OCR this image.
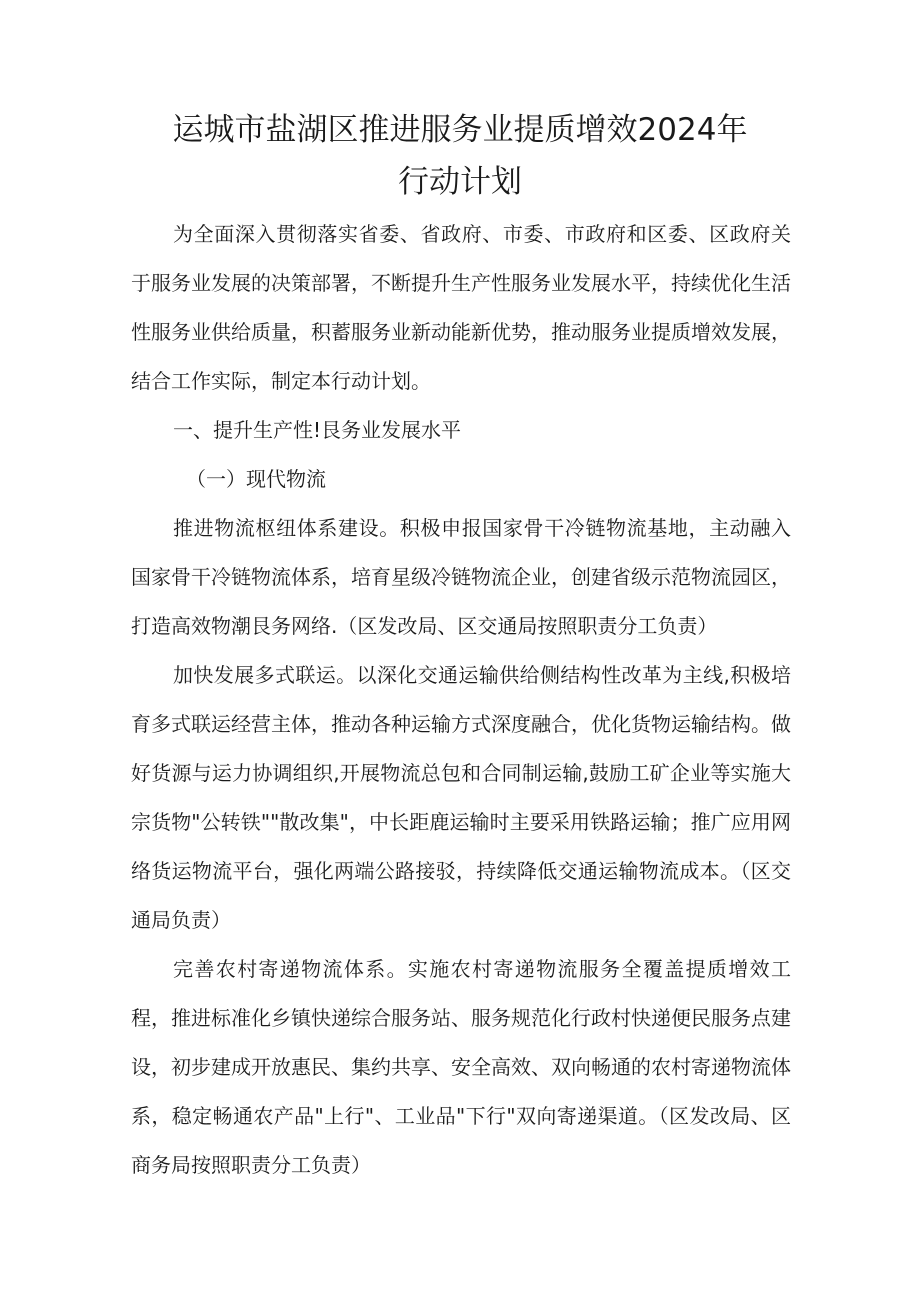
运城市盐湖区推进服务业提质增效2024年
行动计划

为全面深入贯彻落实省委、省政府、市委、市政府和区委、区政府关于服务业发展的决策部署，不断提升生产性服务业发展水平，持续优化生活性服务业供给质量，积蓄服务业新动能新优势，推动服务业提质增效发展，结合工作实际，制定本行动计划。

一、提升生产性!艮务业发展水平

（一）现代物流

推进物流枢纽体系建设。积极申报国家骨干冷链物流基地，主动融入国家骨干冷链物流体系，培育星级冷链物流企业，创建省级示范物流园区，打造高效物潮艮务网络.（区发改局、区交通局按照职责分工负责）

加快发展多式联运。以深化交通运输供给侧结构性改革为主线,积极培育多式联运经营主体，推动各种运输方式深度融合，优化货物运输结构。做好货源与运力协调组织,开展物流总包和合同制运输,鼓励工矿企业等实施大宗货物"公转铁""散改集"，中长距鹿运输时主要采用铁路运输；推广应用网络货运物流平台，强化两端公路接驳，持续降低交通运输物流成本。（区交通局负责）

完善农村寄递物流体系。实施农村寄递物流服务全覆盖提质增效工程，推进标准化乡镇快递综合服务站、服务规范化行政村快递便民服务点建设，初步建成开放惠民、集约共享、安全高效、双向畅通的农村寄递物流体系，稳定畅通农产品"上行"、工业品"下行"双向寄递渠道。（区发改局、区商务局按照职责分工负责）
